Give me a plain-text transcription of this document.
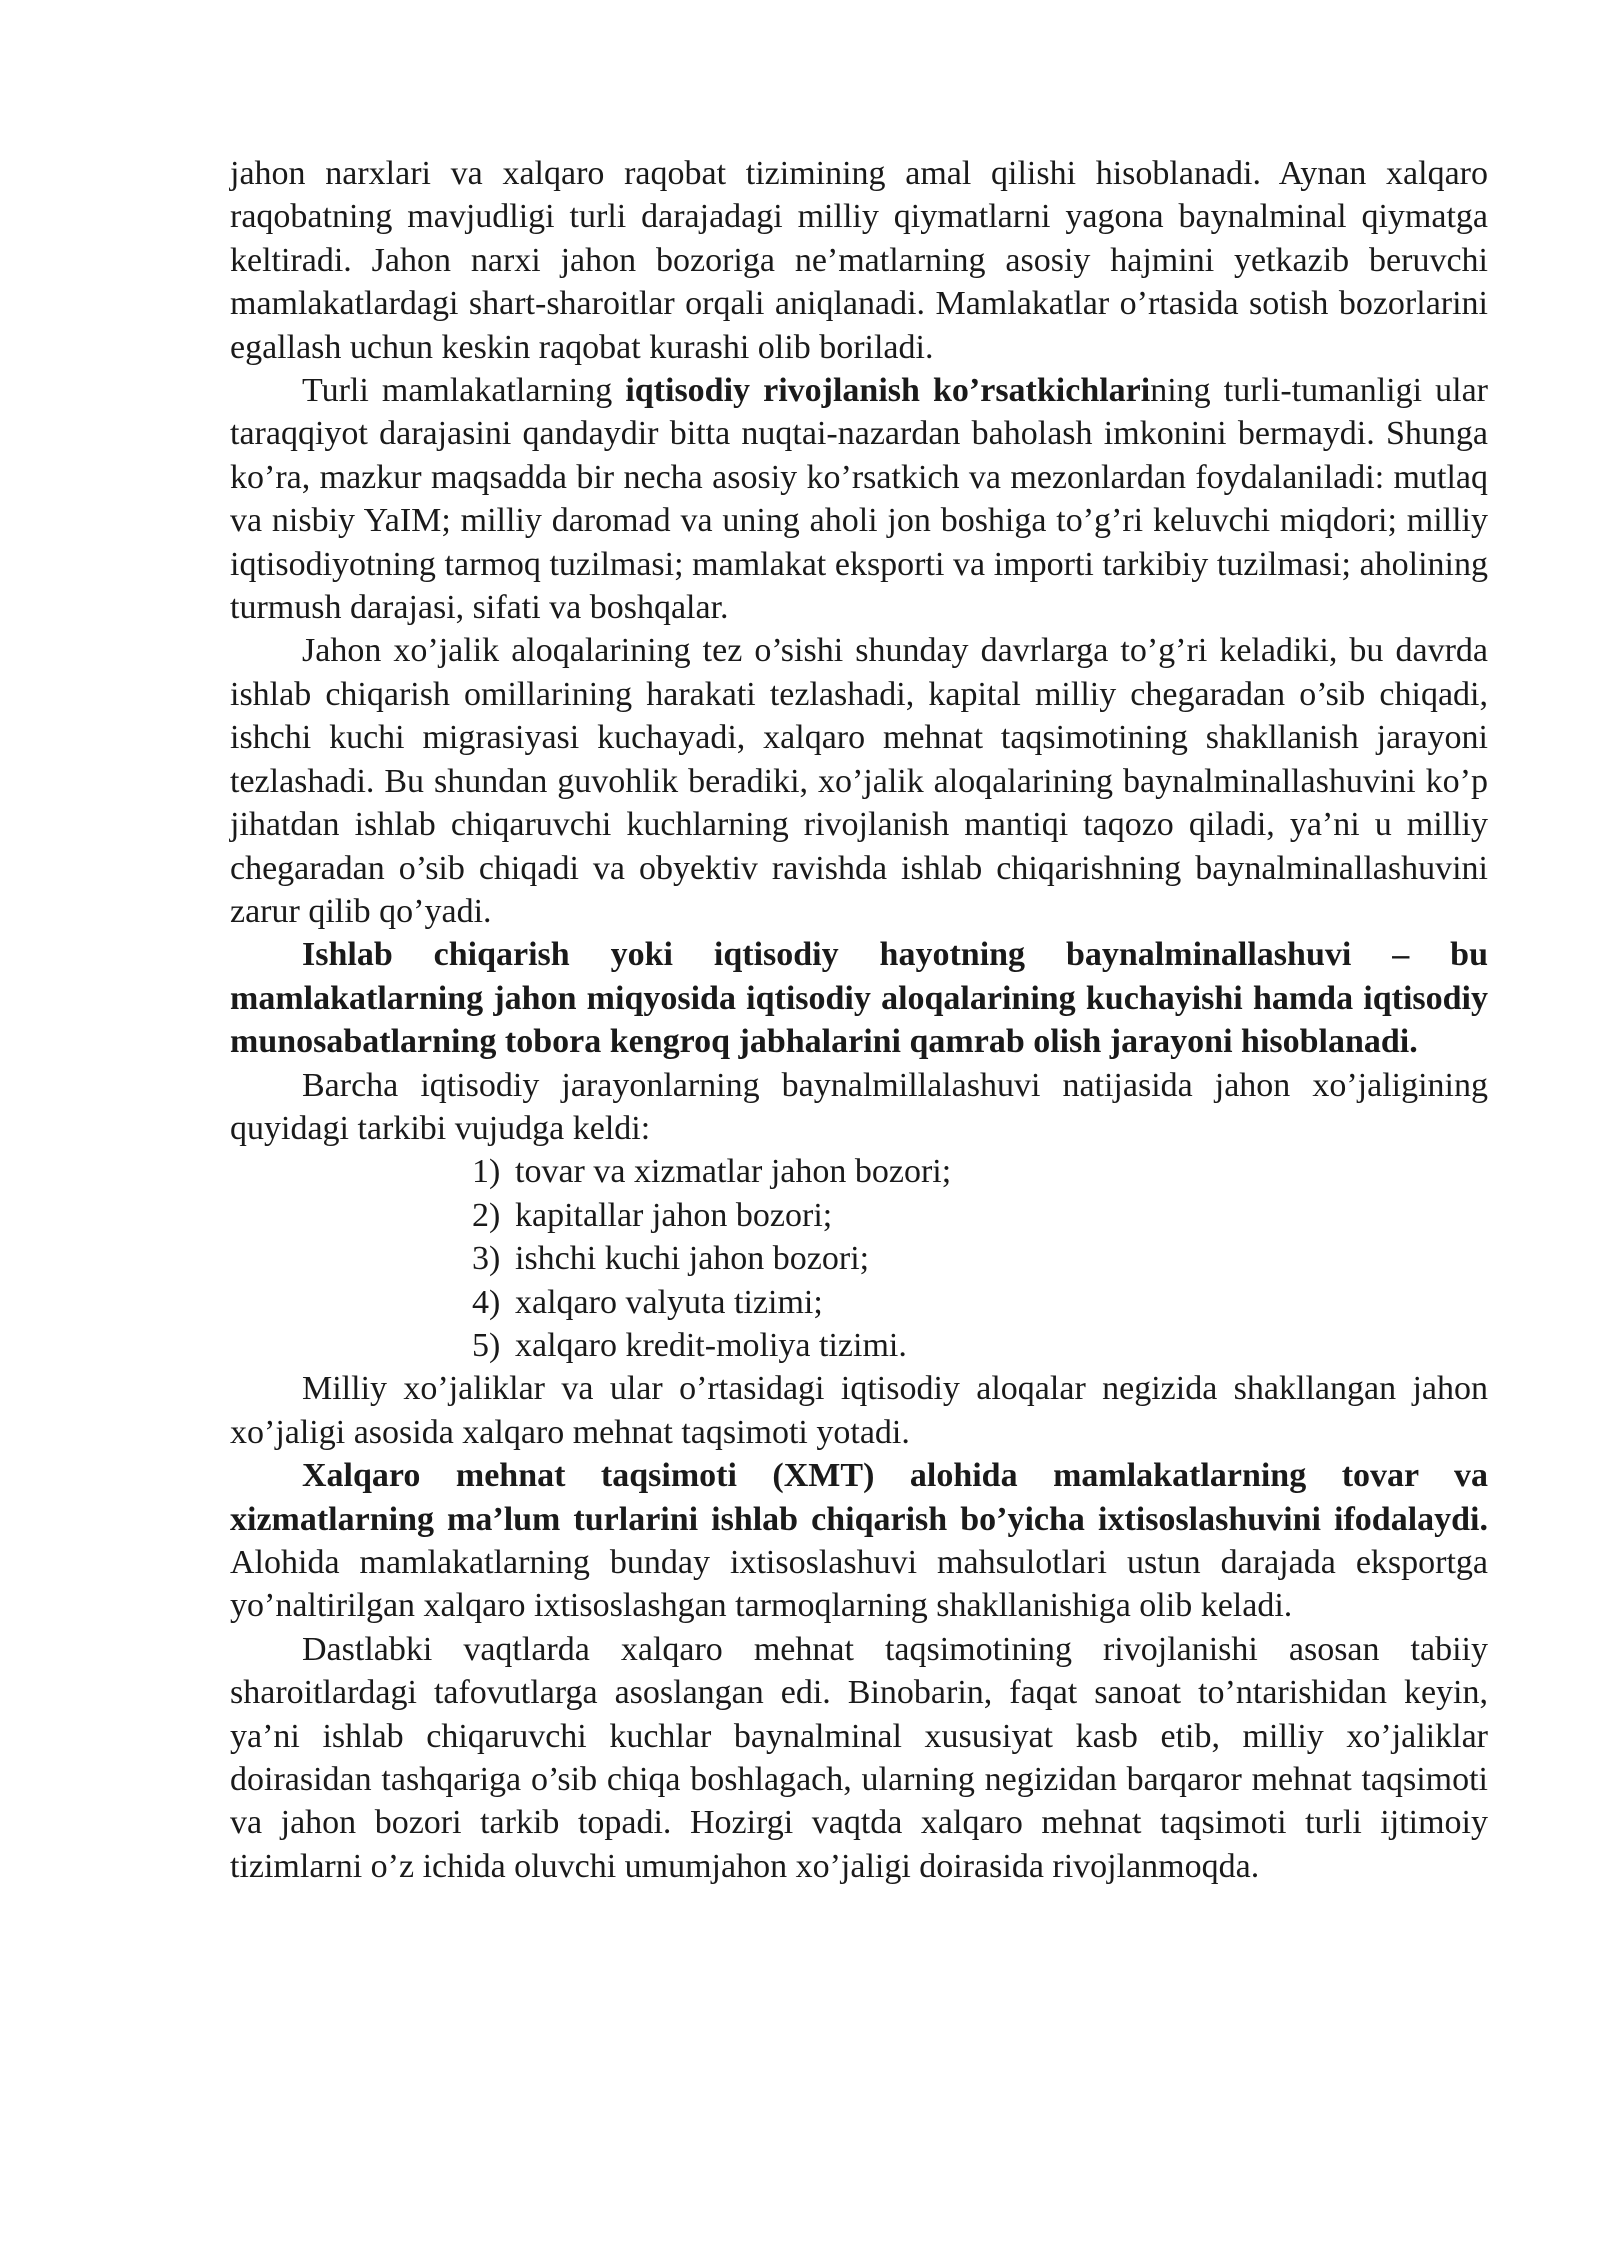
jahon narxlari va xalqaro raqobat tizimining amal qilishi hisoblanadi. Aynan xalqaro raqobatning mavjudligi turli darajadagi milliy qiymatlarni yagona baynalminal qiymatga keltiradi. Jahon narxi jahon bozoriga ne’matlarning asosiy hajmini yetkazib beruvchi mamlakatlardagi shart-sharoitlar orqali aniqlanadi. Mamlakatlar o’rtasida sotish bozorlarini egallash uchun keskin raqobat kurashi olib boriladi.

Turli mamlakatlarning iqtisodiy rivojlanish ko’rsatkichlarining turli-tumanligi ular taraqqiyot darajasini qandaydir bitta nuqtai-nazardan baholash imkonini bermaydi. Shunga ko’ra, mazkur maqsadda bir necha asosiy ko’rsatkich va mezonlardan foydalaniladi: mutlaq va nisbiy YaIM; milliy daromad va uning aholi jon boshiga to’g’ri keluvchi miqdori; milliy iqtisodiyotning tarmoq tuzilmasi; mamlakat eksporti va importi tarkibiy tuzilmasi; aholining turmush darajasi, sifati va boshqalar.

Jahon xo’jalik aloqalarining tez o’sishi shunday davrlarga to’g’ri keladiki, bu davrda ishlab chiqarish omillarining harakati tezlashadi, kapital milliy chegaradan o’sib chiqadi, ishchi kuchi migrasiyasi kuchayadi, xalqaro mehnat taqsimotining shakllanish jarayoni tezlashadi. Bu shundan guvohlik beradiki, xo’jalik aloqalarining baynalminallashuvini ko’p jihatdan ishlab chiqaruvchi kuchlarning rivojlanish mantiqi taqozo qiladi, ya’ni u milliy chegaradan o’sib chiqadi va obyektiv ravishda ishlab chiqarishning baynalminallashuvini zarur qilib qo’yadi.

Ishlab chiqarish yoki iqtisodiy hayotning baynalminallashuvi – bu mamlakatlarning jahon miqyosida iqtisodiy aloqalarining kuchayishi hamda iqtisodiy munosabatlarning tobora kengroq jabhalarini qamrab olish jarayoni hisoblanadi.

Barcha iqtisodiy jarayonlarning baynalmillalashuvi natijasida jahon xo’jaligining quyidagi tarkibi vujudga keldi:

1) tovar va xizmatlar jahon bozori;
2) kapitallar jahon bozori;
3) ishchi kuchi jahon bozori;
4) xalqaro valyuta tizimi;
5) xalqaro kredit-moliya tizimi.

Milliy xo’jaliklar va ular o’rtasidagi iqtisodiy aloqalar negizida shakllangan jahon xo’jaligi asosida xalqaro mehnat taqsimoti yotadi.

Xalqaro mehnat taqsimoti (XMT) alohida mamlakatlarning tovar va xizmatlarning ma’lum turlarini ishlab chiqarish bo’yicha ixtisoslashuvini ifodalaydi. Alohida mamlakatlarning bunday ixtisoslashuvi mahsulotlari ustun darajada eksportga yo’naltirilgan xalqaro ixtisoslashgan tarmoqlarning shakllanishiga olib keladi.

Dastlabki vaqtlarda xalqaro mehnat taqsimotining rivojlanishi asosan tabiiy sharoitlardagi tafovutlarga asoslangan edi. Binobarin, faqat sanoat to’ntarishidan keyin, ya’ni ishlab chiqaruvchi kuchlar baynalminal xususiyat kasb etib, milliy xo’jaliklar doirasidan tashqariga o’sib chiqa boshlagach, ularning negizidan barqaror mehnat taqsimoti va jahon bozori tarkib topadi. Hozirgi vaqtda xalqaro mehnat taqsimoti turli ijtimoiy tizimlarni o’z ichida oluvchi umumjahon xo’jaligi doirasida rivojlanmoqda.
